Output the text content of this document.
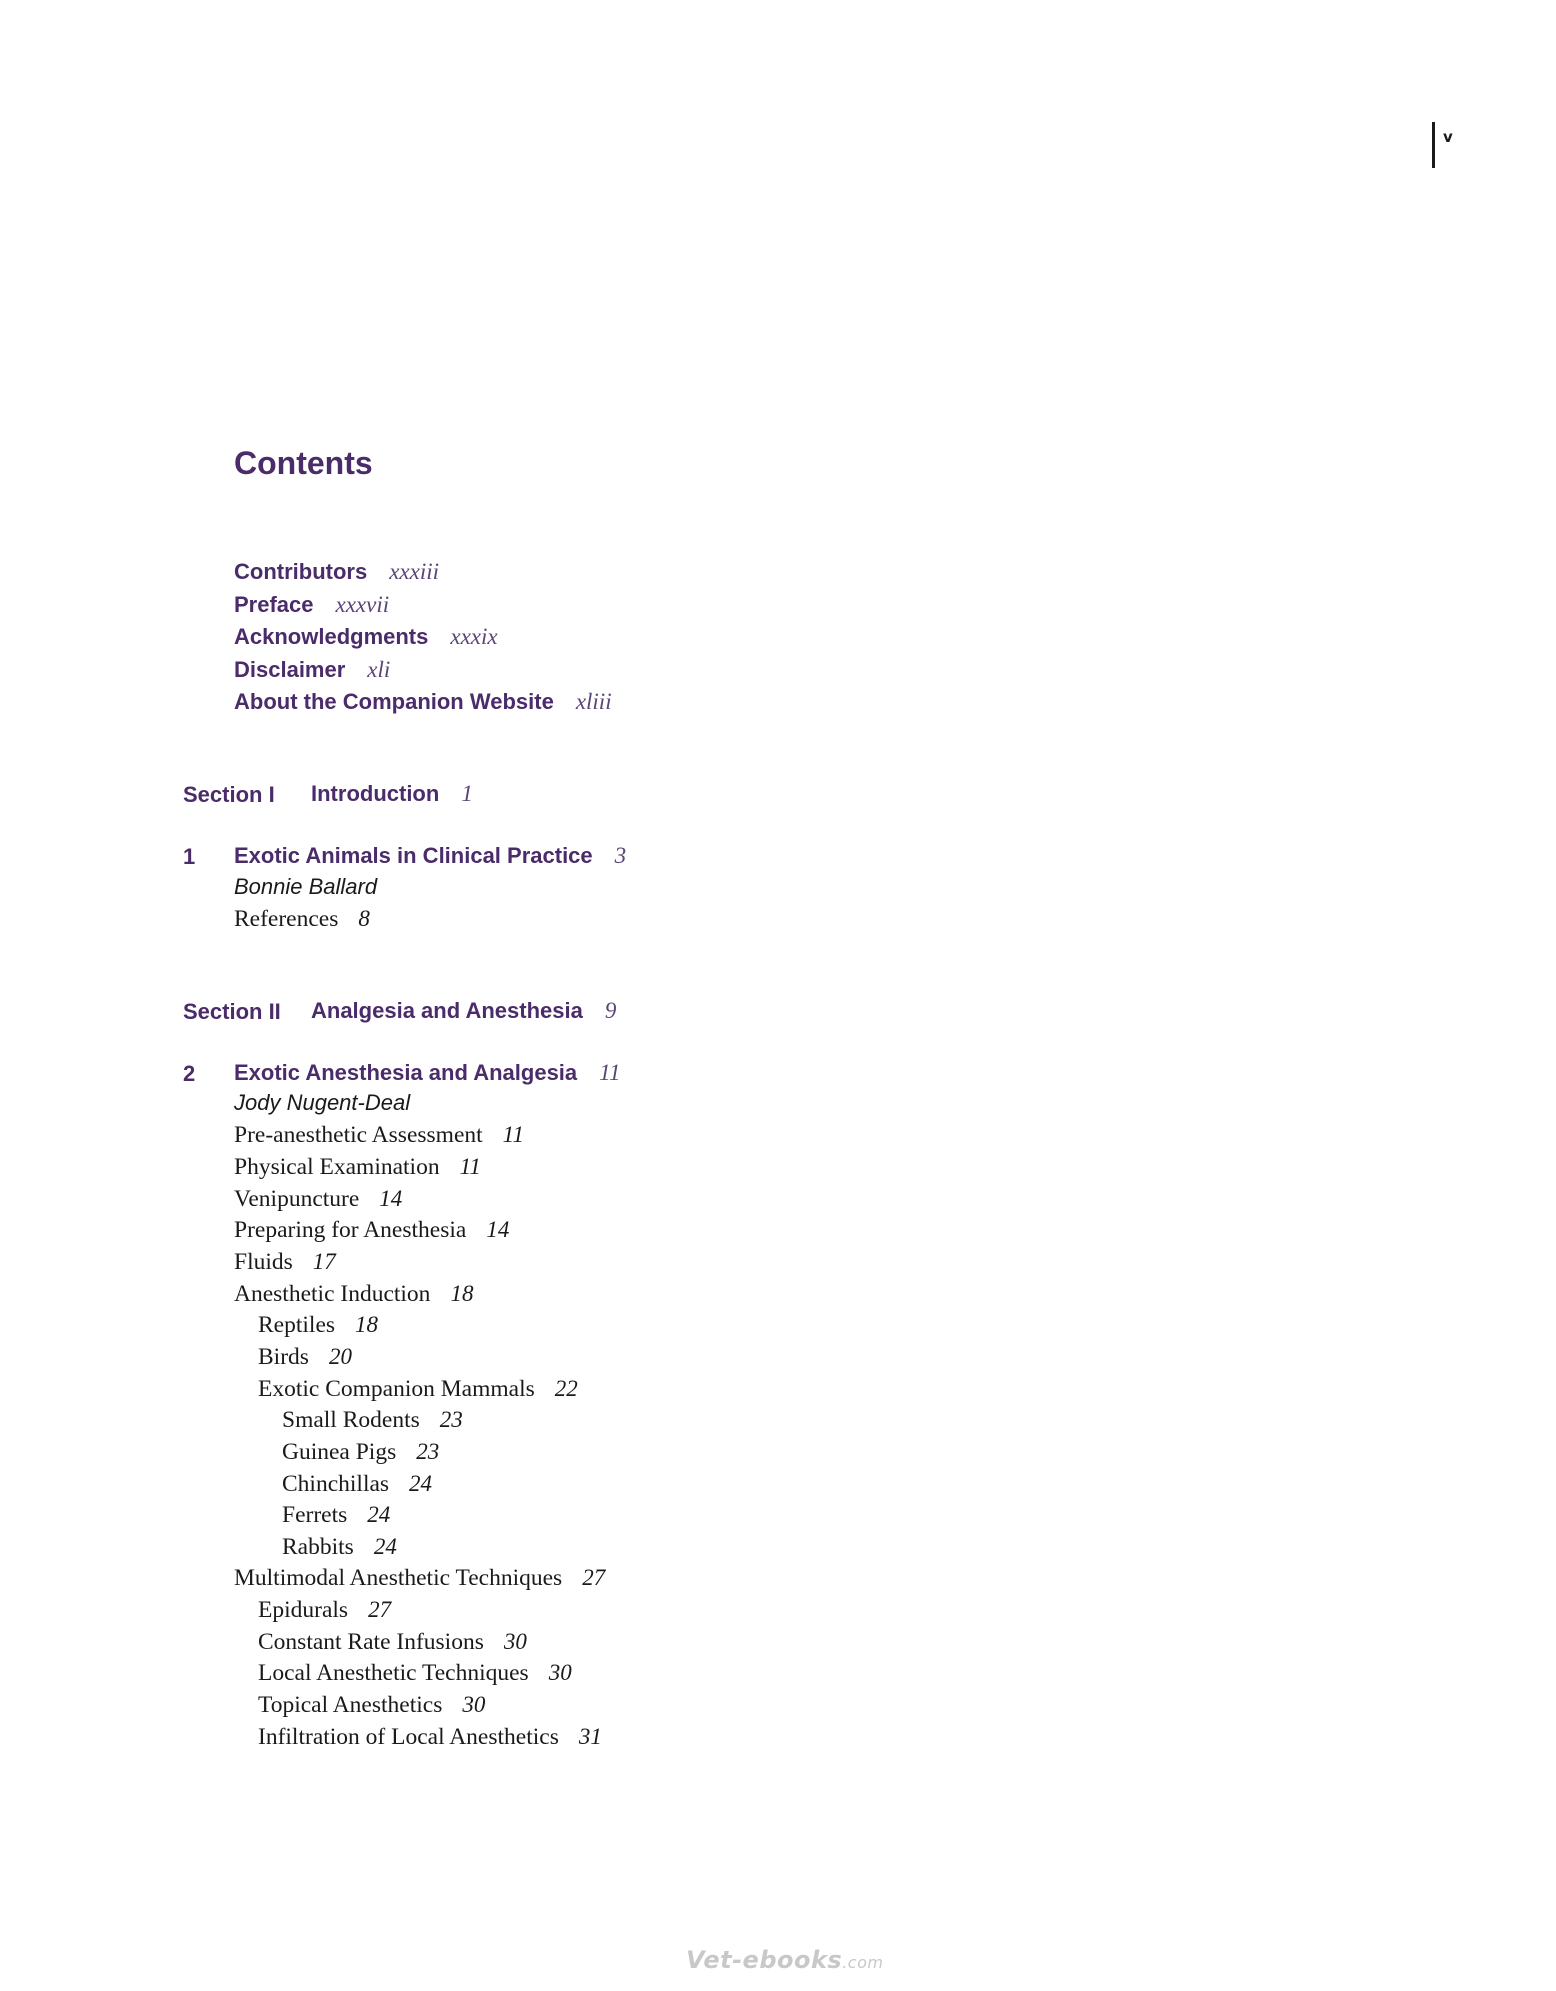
v
Contents
Contributors xxxiii
Preface xxxvii
Acknowledgments xxxix
Disclaimer xli
About the Companion Website xliii
Section I Introduction 1
1 Exotic Animals in Clinical Practice 3
Bonnie Ballard
References 8
Section II Analgesia and Anesthesia 9
2 Exotic Anesthesia and Analgesia 11
Jody Nugent-Deal
Pre-anesthetic Assessment 11
Physical Examination 11
Venipuncture 14
Preparing for Anesthesia 14
Fluids 17
Anesthetic Induction 18
Reptiles 18
Birds 20
Exotic Companion Mammals 22
Small Rodents 23
Guinea Pigs 23
Chinchillas 24
Ferrets 24
Rabbits 24
Multimodal Anesthetic Techniques 27
Epidurals 27
Constant Rate Infusions 30
Local Anesthetic Techniques 30
Topical Anesthetics 30
Infiltration of Local Anesthetics 31
Vet-ebooks.com
